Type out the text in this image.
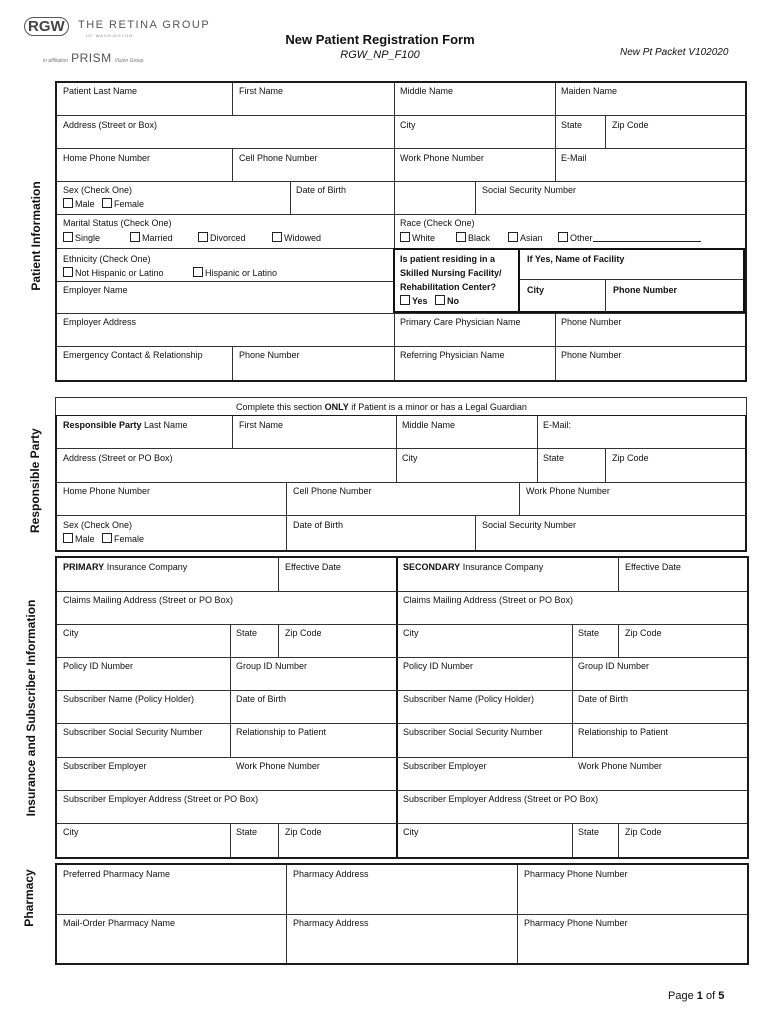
RGW	THE RETINA GROUP
OF WASHINGTON
in affiliation PRISM Vision Group
New Patient Registration Form
RGW_NP_F100	New Pt Packet V102020
Patient Information
Responsible Party
Insurance and Subscriber Information
Pharmacy
Patient Last Name	First Name	Middle Name	Maiden Name
Address (Street or Box)	City	State	Zip Code
Home Phone Number	Cell Phone Number	Work Phone Number	E-Mail
Sex (Check One)
Male Female
Date of Birth	Social Security Number
Marital Status (Check One)
Single	Married	Divorced	Widowed
Race (Check One)
White	Black	Asian	Other
Ethnicity (Check One)
Not Hispanic or Latino	Hispanic or Latino
Employer Name
Is patient residing in a
Skilled Nursing Facility/
Rehabilitation Center?
Yes No
If Yes, Name of Facility
City	Phone Number
Employer Address	Primary Care Physician Name	Phone Number
Emergency Contact & Relationship	Phone Number	Referring Physician Name	Phone Number
Complete this section ONLY if Patient is a minor or has a Legal Guardian
Responsible Party Last Name	First Name	Middle Name	E-Mail:
Address (Street or PO Box)	City	State	Zip Code
Home Phone Number	Cell Phone Number	Work Phone Number
Sex (Check One)
Male Female
Date of Birth	Social Security Number
PRIMARY Insurance Company	Effective Date
Claims Mailing Address (Street or PO Box)
City	State	Zip Code
Policy ID Number	Group ID Number
Subscriber Name (Policy Holder)	Date of Birth
Subscriber Social Security Number	Relationship to Patient
Subscriber Employer	Work Phone Number
Subscriber Employer Address (Street or PO Box)
City	State	Zip Code
SECONDARY Insurance Company	Effective Date
Claims Mailing Address (Street or PO Box)
City	State	Zip Code
Policy ID Number	Group ID Number
Subscriber Name (Policy Holder)	Date of Birth
Subscriber Social Security Number	Relationship to Patient
Subscriber Employer	Work Phone Number
Subscriber Employer Address (Street or PO Box)
City	State	Zip Code
Preferred Pharmacy Name	Pharmacy Address	Pharmacy Phone Number
Mail-Order Pharmacy Name	Pharmacy Address	Pharmacy Phone Number
Page 1 of 5
